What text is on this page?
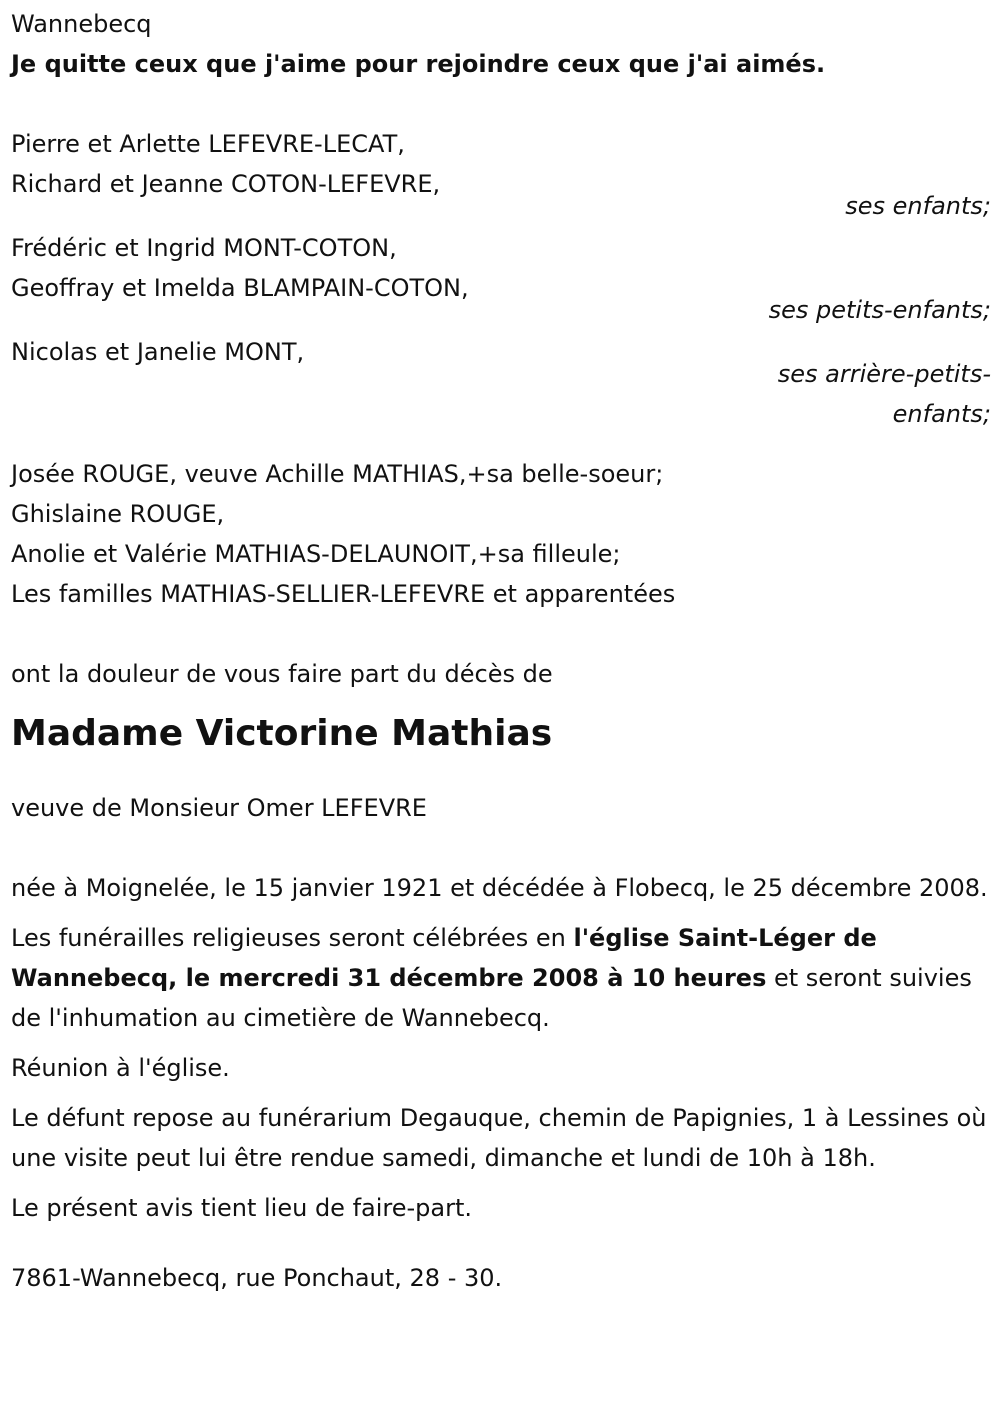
Wannebecq
Je quitte ceux que j'aime pour rejoindre ceux que j'ai aimés.
Pierre et Arlette LEFEVRE-LECAT,
Richard et Jeanne COTON-LEFEVRE,
ses enfants;
Frédéric et Ingrid MONT-COTON,
Geoffray et Imelda BLAMPAIN-COTON,
ses petits-enfants;
Nicolas et Janelie MONT,
ses arrière-petits-
enfants;
Josée ROUGE, veuve Achille MATHIAS,+sa belle-soeur;
Ghislaine ROUGE,
Anolie et Valérie MATHIAS-DELAUNOIT,+sa filleule;
Les familles MATHIAS-SELLIER-LEFEVRE et apparentées
ont la douleur de vous faire part du décès de
Madame Victorine Mathias
veuve de Monsieur Omer LEFEVRE
née à Moignelée, le 15 janvier 1921 et décédée à Flobecq, le 25 décembre 2008.
Les funérailles religieuses seront célébrées en l'église Saint-Léger de Wannebecq, le mercredi 31 décembre 2008 à 10 heures et seront suivies de l'inhumation au cimetière de Wannebecq.
Réunion à l'église.
Le défunt repose au funérarium Degauque, chemin de Papignies, 1 à Lessines où une visite peut lui être rendue samedi, dimanche et lundi de 10h à 18h.
Le présent avis tient lieu de faire-part.
7861-Wannebecq, rue Ponchaut, 28 - 30.
